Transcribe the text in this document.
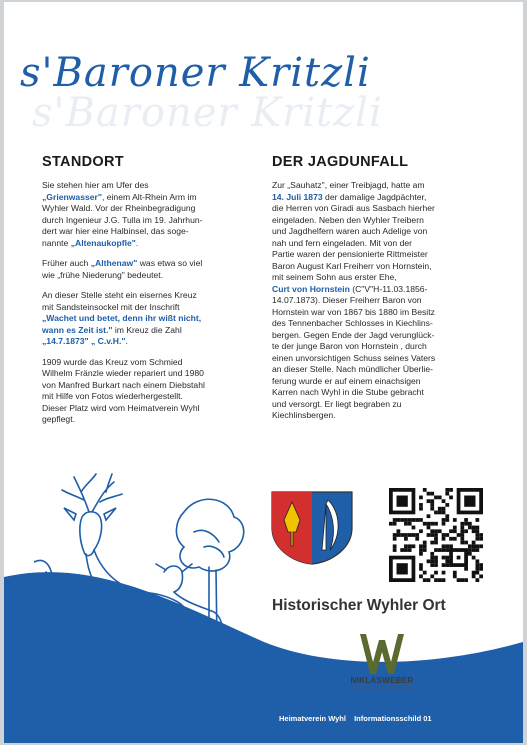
s'Baroner Kritzli
s'Baroner Kritzli
STANDORT

Sie stehen hier am Ufer des
„Grienwasser", einem Alt-Rhein Arm im
Wyhler Wald. Vor der Rheinbegradigung
durch Ingenieur J.G. Tulla im 19. Jahrhun-
dert war hier eine Halbinsel, das soge-
nannte „Altenaukopfle".

Früher auch „Althenaw" was etwa so viel
wie „frühe Niederung" bedeutet.

An dieser Stelle steht ein eisernes Kreuz
mit Sandsteinsockel mit der Inschrift
„Wachet und betet, denn ihr wißt nicht,
wann es Zeit ist." im Kreuz die Zahl
„14.7.1873" „ C.v.H.".

1909 wurde das Kreuz vom Schmied
Wilhelm Fränzle wieder repariert und 1980
von Manfred Burkart nach einem Diebstahl
mit Hilfe von Fotos wiederhergestellt.
Dieser Platz wird vom Heimatverein Wyhl
gepflegt.

DER JAGDUNFALL

Zur „Sauhatz", einer Treibjagd, hatte am
14. Juli 1873 der damalige Jagdpächter,
die Herren von Giradi aus Sasbach hierher
eingeladen. Neben den Wyhler Treibern
und Jagdhelfern waren auch Adelige von
nah und fern eingeladen. Mit von der
Partie waren der pensionierte Rittmeister
Baron August Karl Freiherr von Hornstein,
mit seinem Sohn aus erster Ehe,
Curt von Hornstein (C"V"H-11.03.1856-
14.07.1873). Dieser Freiherr Baron von
Hornstein war von 1867 bis 1880 im Besitz
des Tennenbacher Schlosses in Kiechlins-
bergen. Gegen Ende der Jagd verunglück-
te der junge Baron von Hornstein , durch
einen unvorsichtigen Schuss seines Vaters
an dieser Stelle. Nach mündlicher Überlie-
ferung wurde er auf einem einachsigen
Karren nach Wyhl in die Stube gebracht
und versorgt. Er liegt begraben zu
Kiechlinsbergen.

Historischer Wyhler Ort
NIKLASWEBER
WERBETECHNIKMEISTEREI
Heimatverein Wyhl Informationsschild 01
